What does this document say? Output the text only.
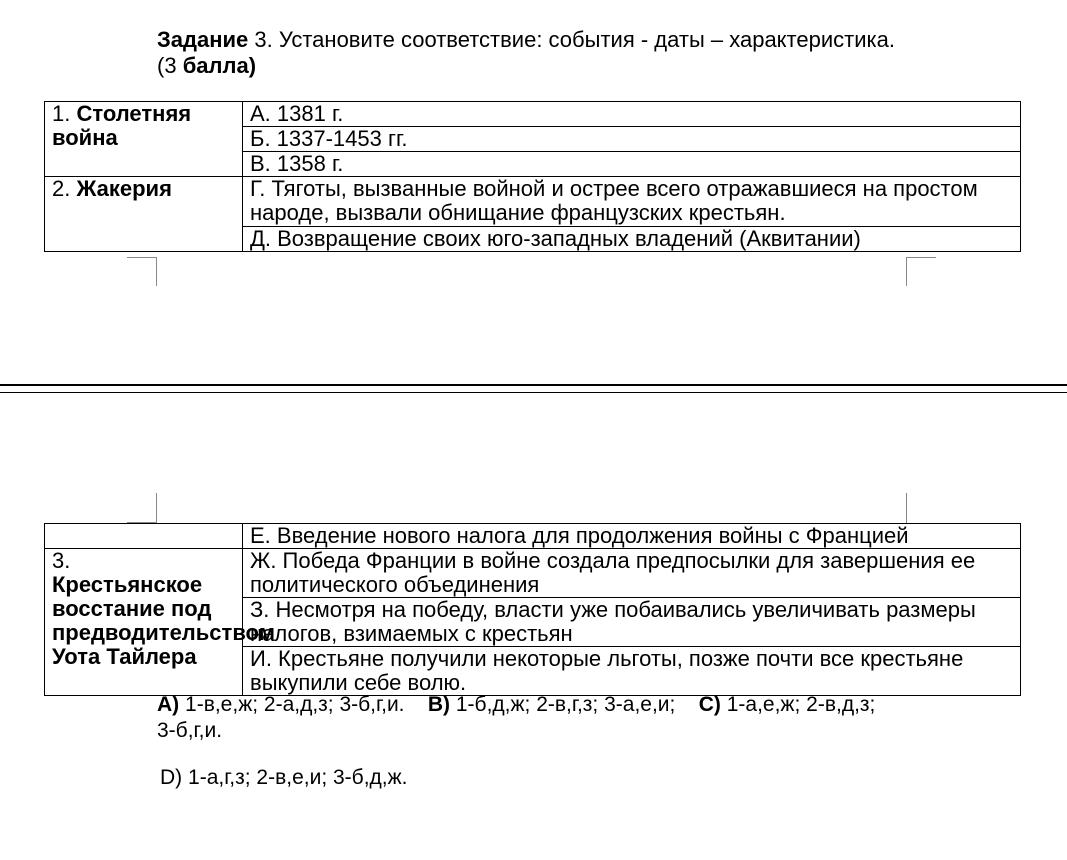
Задание 3. Установите соответствие: события - даты – характеристика. (3 балла)
1. Столетняя война	А. 1381 г.
	Б. 1337-1453 гг.
	В. 1358 г.
2. Жакерия	Г. Тяготы, вызванные войной и острее всего отражавшиеся на простом народе, вызвали обнищание французских крестьян.
	Д. Возвращение своих юго-западных владений (Аквитании)
	Е. Введение нового налога для продолжения войны с Францией

3.
Крестьянское восстание под предводительством Уота Тайлера	Ж. Победа Франции в войне создала предпосылки для завершения ее политического объединения
	З. Несмотря на победу, власти уже побаивались увеличивать размеры налогов, взимаемых с крестьян
	И. Крестьяне получили некоторые льготы, позже почти все крестьяне выкупили себе волю.
А) 1-в,е,ж; 2-а,д,з; 3-б,г,и. В) 1-б,д,ж; 2-в,г,з; 3-а,е,и; С) 1-а,е,ж; 2-в,д,з; 3-б,г,и.
D) 1-а,г,з; 2-в,е,и; 3-б,д,ж.
